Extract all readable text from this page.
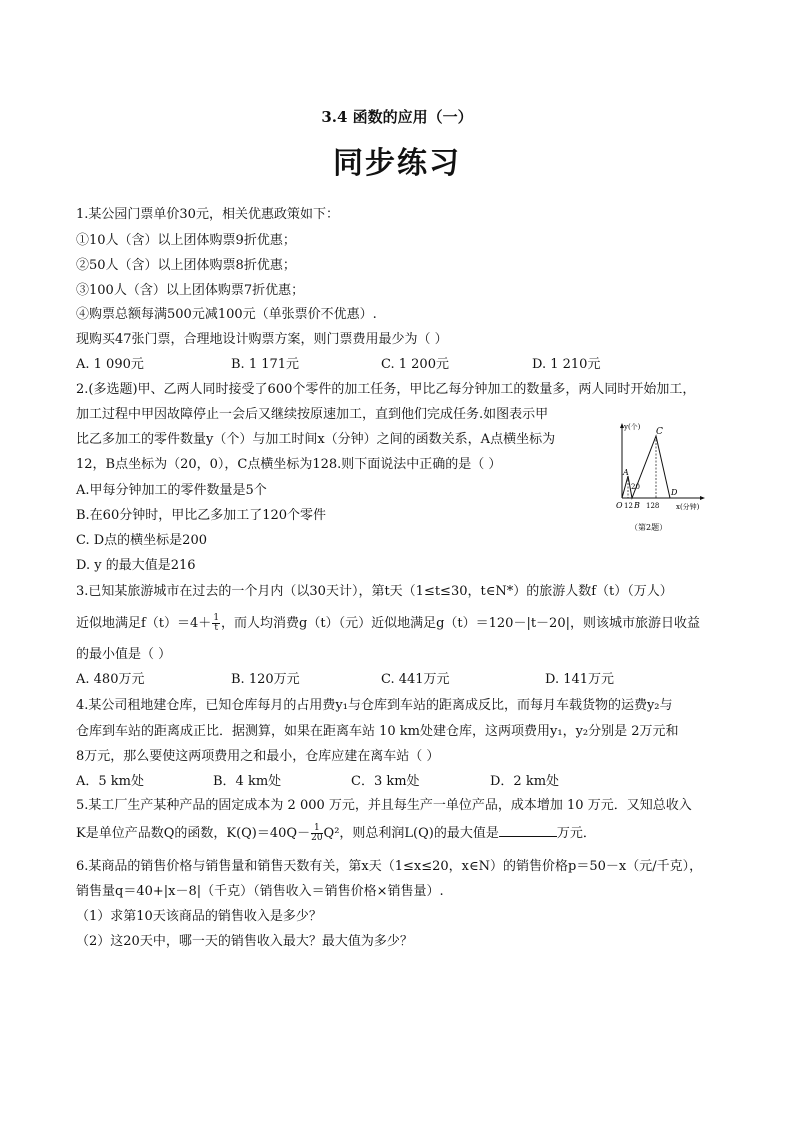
3.4 函数的应用（一）
同步练习
1.某公园门票单价30元，相关优惠政策如下：
①10人（含）以上团体购票9折优惠；
②50人（含）以上团体购票8折优惠；
③100人（含）以上团体购票7折优惠；
④购票总额每满500元减100元（单张票价不优惠）.
现购买47张门票，合理地设计购票方案，则门票费用最少为（ ）
A. 1 090元	B. 1 171元	C. 1 200元	D. 1 210元
2.(多选题)甲、乙两人同时接受了600个零件的加工任务，甲比乙每分钟加工的数量多，两人同时开始加工，
加工过程中甲因故障停止一会后又继续按原速加工，直到他们完成任务.如图表示甲
比乙多加工的零件数量y（个）与加工时间x（分钟）之间的函数关系，A点横坐标为
12，B点坐标为（20，0），C点横坐标为128.则下面说法中正确的是（ ）
A.甲每分钟加工的零件数量是5个
B.在60分钟时，甲比乙多加工了120个零件
C. D点的横坐标是200
D. y 的最大值是216
y(个) C
A
20
D
O 12 B 128 x(分钟)
（第2题）
3.已知某旅游城市在过去的一个月内（以30天计），第t天（1≤t≤30，t∈N*）的旅游人数f（t）（万人）
近似地满足$f(t)=4+ \frac{1}{t}$ ，而人均消费g（t）（元）近似地满足g（t）＝120－|t－20|，则该城市旅游日收益
的最小值是（ ）
A. 480万元	B. 120万元	C. 441万元	D. 141万元
4.某公司租地建仓库，已知仓库每月的占用费y₁与仓库到车站的距离成反比，而每月车载货物的运费y₂与
仓库到车站的距离成正比．据测算，如果在距离车站 10 km处建仓库，这两项费用y₁，y₂分别是 2万元和
8万元，那么要使这两项费用之和最小，仓库应建在离车站（ ）
A．5 km处	B．4 km处	C．3 km处	D．2 km处
5.某工厂生产某种产品的固定成本为 2 000 万元，并且每生产一单位产品，成本增加 10 万元．又知总收入
K是单位产品数Q的函数，$K(Q)=40Q- \frac{1}{20} Q^2$，则总利润L(Q)的最大值是	万元．
6.某商品的销售价格与销售量和销售天数有关，第x天（1≤x≤20，x∈N）的销售价格p＝50－x（元/千克），
销售量q＝40+|x－8|（千克）（销售收入＝销售价格×销售量）.
（1）求第10天该商品的销售收入是多少？
（2）这20天中，哪一天的销售收入最大？最大值为多少？
